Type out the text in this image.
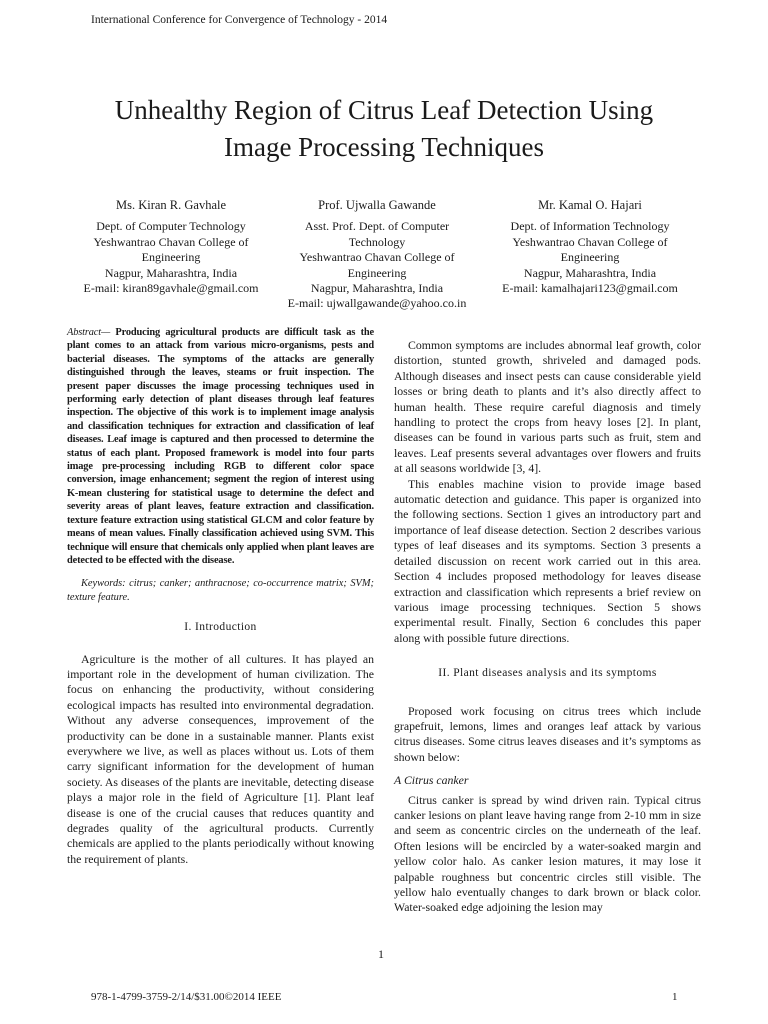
International Conference for Convergence of Technology - 2014
Unhealthy Region of Citrus Leaf Detection Using
Image Processing Techniques
Ms. Kiran R. Gavhale
Dept. of Computer Technology
Yeshwantrao Chavan College of
Engineering
Nagpur, Maharashtra, India
E-mail: kiran89gavhale@gmail.com
Prof. Ujwalla Gawande
Asst. Prof. Dept. of Computer
Technology
Yeshwantrao Chavan College of
Engineering
Nagpur, Maharashtra, India
E-mail: ujwallgawande@yahoo.co.in
Mr. Kamal O. Hajari
Dept. of Information Technology
Yeshwantrao Chavan College of
Engineering
Nagpur, Maharashtra, India
E-mail: kamalhajari123@gmail.com

Abstract— Producing agricultural products are difficult task as the plant comes to an attack from various micro-organisms, pests and bacterial diseases. The symptoms of the attacks are generally distinguished through the leaves, steams or fruit inspection. The present paper discusses the image processing techniques used in performing early detection of plant diseases through leaf features inspection. The objective of this work is to implement image analysis and classification techniques for extraction and classification of leaf diseases. Leaf image is captured and then processed to determine the status of each plant. Proposed framework is model into four parts image pre-processing including RGB to different color space conversion, image enhancement; segment the region of interest using K-mean clustering for statistical usage to determine the defect and severity areas of plant leaves, feature extraction and classification. texture feature extraction using statistical GLCM and color feature by means of mean values. Finally classification achieved using SVM. This technique will ensure that chemicals only applied when plant leaves are detected to be effected with the disease.

Keywords: citrus; canker; anthracnose; co-occurrence matrix; SVM; texture feature.

I. Introduction

Agriculture is the mother of all cultures. It has played an important role in the development of human civilization. The focus on enhancing the productivity, without considering ecological impacts has resulted into environmental degradation. Without any adverse consequences, improvement of the productivity can be done in a sustainable manner. Plants exist everywhere we live, as well as places without us. Lots of them carry significant information for the development of human society. As diseases of the plants are inevitable, detecting disease plays a major role in the field of Agriculture [1]. Plant leaf disease is one of the crucial causes that reduces quantity and degrades quality of the agricultural products. Currently chemicals are applied to the plants periodically without knowing the requirement of plants.

Common symptoms are includes abnormal leaf growth, color distortion, stunted growth, shriveled and damaged pods. Although diseases and insect pests can cause considerable yield losses or bring death to plants and it’s also directly affect to human health. These require careful diagnosis and timely handling to protect the crops from heavy loses [2]. In plant, diseases can be found in various parts such as fruit, stem and leaves. Leaf presents several advantages over flowers and fruits at all seasons worldwide [3, 4].

This enables machine vision to provide image based automatic detection and guidance. This paper is organized into the following sections. Section 1 gives an introductory part and importance of leaf disease detection. Section 2 describes various types of leaf diseases and its symptoms. Section 3 presents a detailed discussion on recent work carried out in this area. Section 4 includes proposed methodology for leaves disease extraction and classification which represents a brief review on various image processing techniques. Section 5 shows experimental result. Finally, Section 6 concludes this paper along with possible future directions.

II. Plant diseases analysis and its symptoms

Proposed work focusing on citrus trees which include grapefruit, lemons, limes and oranges leaf attack by various citrus diseases. Some citrus leaves diseases and it’s symptoms as shown below:

A Citrus canker

Citrus canker is spread by wind driven rain. Typical citrus canker lesions on plant leave having range from 2-10 mm in size and seem as concentric circles on the underneath of the leaf. Often lesions will be encircled by a water-soaked margin and yellow color halo. As canker lesion matures, it may lose it palpable roughness but concentric circles still visible. The yellow halo eventually changes to dark brown or black color. Water-soaked edge adjoining the lesion may

1
978-1-4799-3759-2/14/$31.00©2014 IEEE	1
